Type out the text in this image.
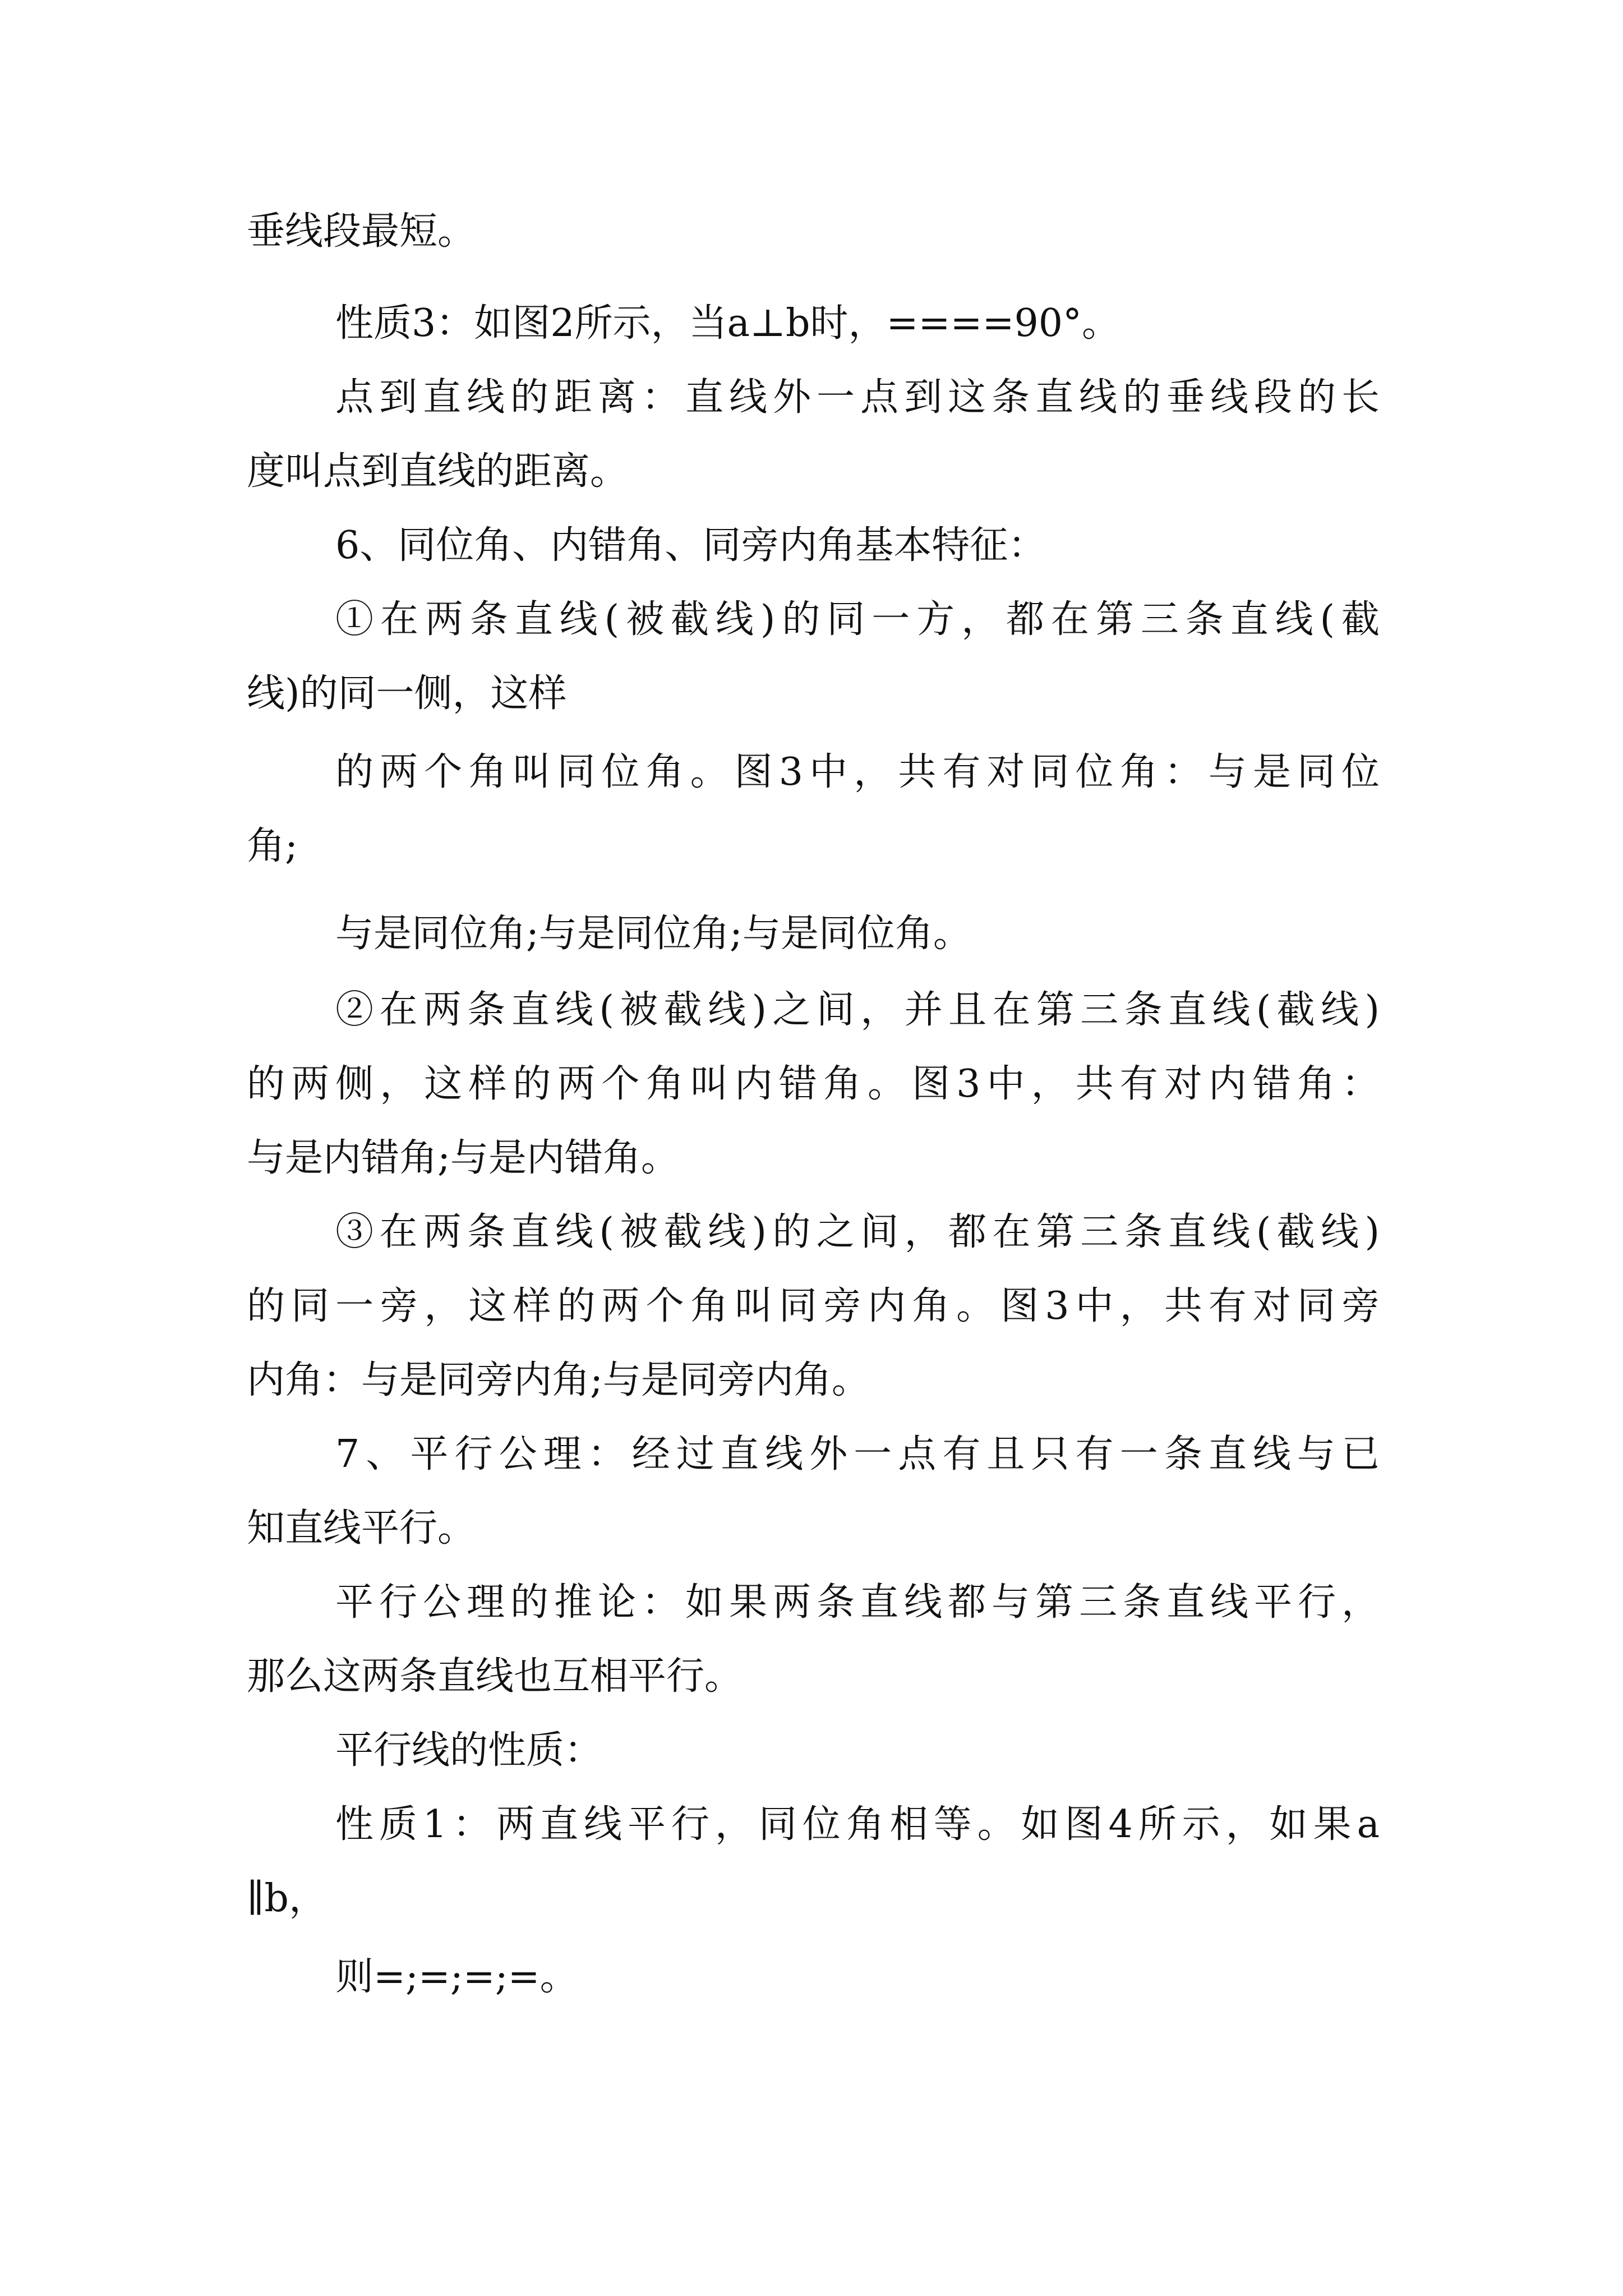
垂线段最短。
性质3：如图2所示，当a⊥b时，====90°。
点到直线的距离：直线外一点到这条直线的垂线段的长
度叫点到直线的距离。
6、同位角、内错角、同旁内角基本特征：
①在两条直线(被截线)的同一方，都在第三条直线(截
线)的同一侧，这样
的两个角叫同位角。图3中，共有对同位角：与是同位
角;
与是同位角;与是同位角;与是同位角。
②在两条直线(被截线)之间，并且在第三条直线(截线)
的两侧，这样的两个角叫内错角。图3中，共有对内错角：
与是内错角;与是内错角。
③在两条直线(被截线)的之间，都在第三条直线(截线)
的同一旁，这样的两个角叫同旁内角。图3中，共有对同旁
内角：与是同旁内角;与是同旁内角。
7、平行公理：经过直线外一点有且只有一条直线与已
知直线平行。
平行公理的推论：如果两条直线都与第三条直线平行，
那么这两条直线也互相平行。
平行线的性质：
性质1：两直线平行，同位角相等。如图4所示，如果a
∥b，
则=;=;=;=。
